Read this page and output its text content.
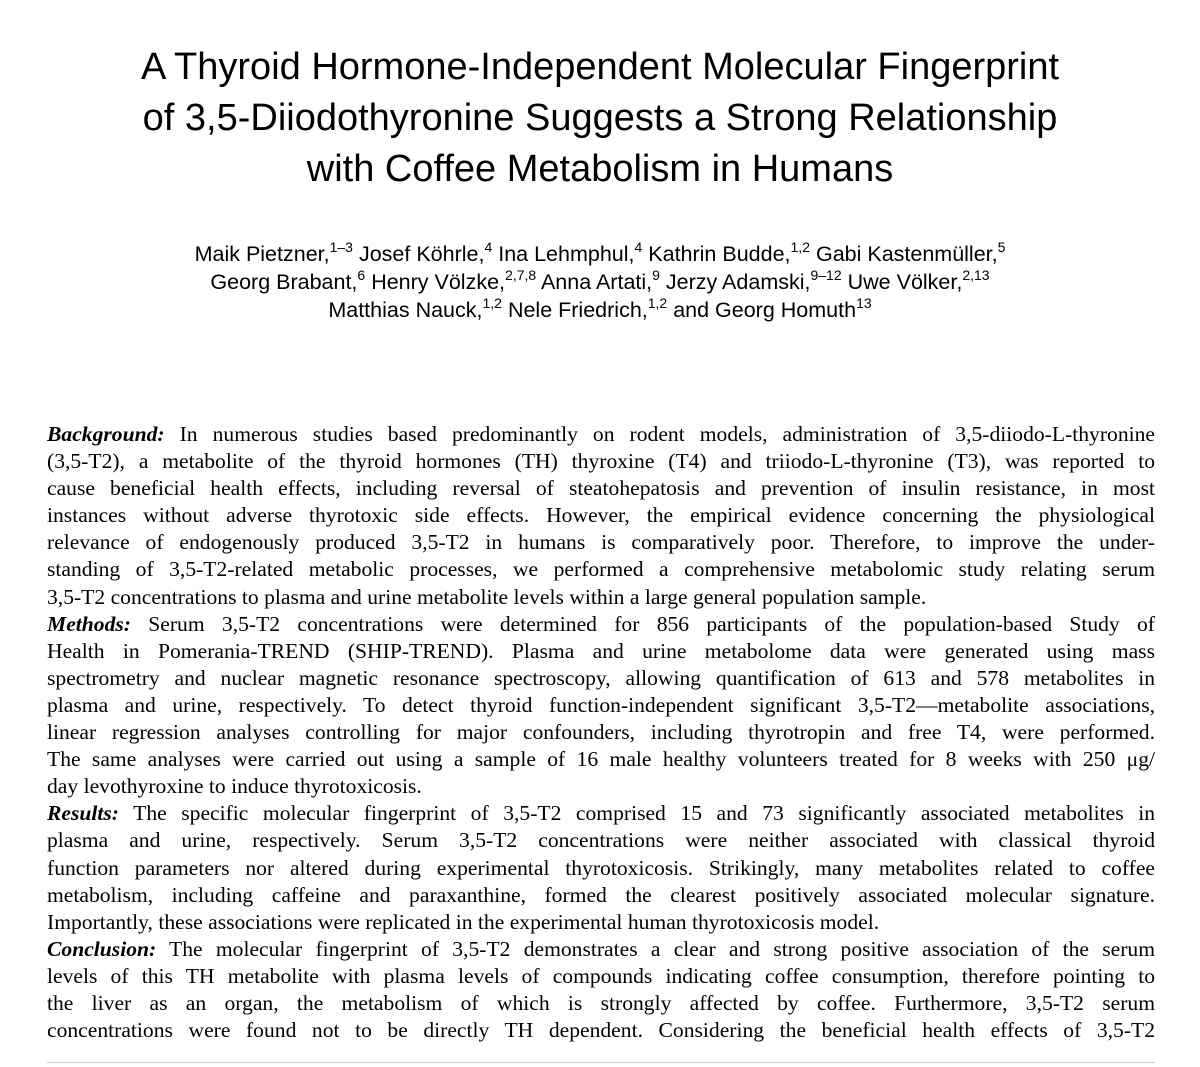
A Thyroid Hormone-Independent Molecular Fingerprint
of 3,5-Diiodothyronine Suggests a Strong Relationship
with Coffee Metabolism in Humans
Maik Pietzner,$^{1-3}$ Josef Köhrle,$^4$ Ina Lehmphul,$^4$ Kathrin Budde,$^{1,2}$ Gabi Kastenmüller,$^5$
Georg Brabant,$^6$ Henry Völzke,$^{2,7,8}$ Anna Artati,$^9$ Jerzy Adamski,$^{9-12}$ Uwe Völker,$^{2,13}$
Matthias Nauck,$^{1,2}$ Nele Friedrich,$^{1,2}$ and Georg Homuth$^{13}$
Background: In numerous studies based predominantly on rodent models, administration of 3,5-diiodo-L-thyronine
(3,5-T2), a metabolite of the thyroid hormones (TH) thyroxine (T4) and triiodo-L-thyronine (T3), was reported to
cause beneficial health effects, including reversal of steatohepatosis and prevention of insulin resistance, in most
instances without adverse thyrotoxic side effects. However, the empirical evidence concerning the physiological
relevance of endogenously produced 3,5-T2 in humans is comparatively poor. Therefore, to improve the under-
standing of 3,5-T2-related metabolic processes, we performed a comprehensive metabolomic study relating serum
3,5-T2 concentrations to plasma and urine metabolite levels within a large general population sample.
Methods: Serum 3,5-T2 concentrations were determined for 856 participants of the population-based Study of
Health in Pomerania-TREND (SHIP-TREND). Plasma and urine metabolome data were generated using mass
spectrometry and nuclear magnetic resonance spectroscopy, allowing quantification of 613 and 578 metabolites in
plasma and urine, respectively. To detect thyroid function-independent significant 3,5-T2—metabolite associations,
linear regression analyses controlling for major confounders, including thyrotropin and free T4, were performed.
The same analyses were carried out using a sample of 16 male healthy volunteers treated for 8 weeks with 250 μg/
day levothyroxine to induce thyrotoxicosis.
Results: The specific molecular fingerprint of 3,5-T2 comprised 15 and 73 significantly associated metabolites in
plasma and urine, respectively. Serum 3,5-T2 concentrations were neither associated with classical thyroid
function parameters nor altered during experimental thyrotoxicosis. Strikingly, many metabolites related to coffee
metabolism, including caffeine and paraxanthine, formed the clearest positively associated molecular signature.
Importantly, these associations were replicated in the experimental human thyrotoxicosis model.
Conclusion: The molecular fingerprint of 3,5-T2 demonstrates a clear and strong positive association of the serum
levels of this TH metabolite with plasma levels of compounds indicating coffee consumption, therefore pointing to
the liver as an organ, the metabolism of which is strongly affected by coffee. Furthermore, 3,5-T2 serum
concentrations were found not to be directly TH dependent. Considering the beneficial health effects of 3,5-T2
